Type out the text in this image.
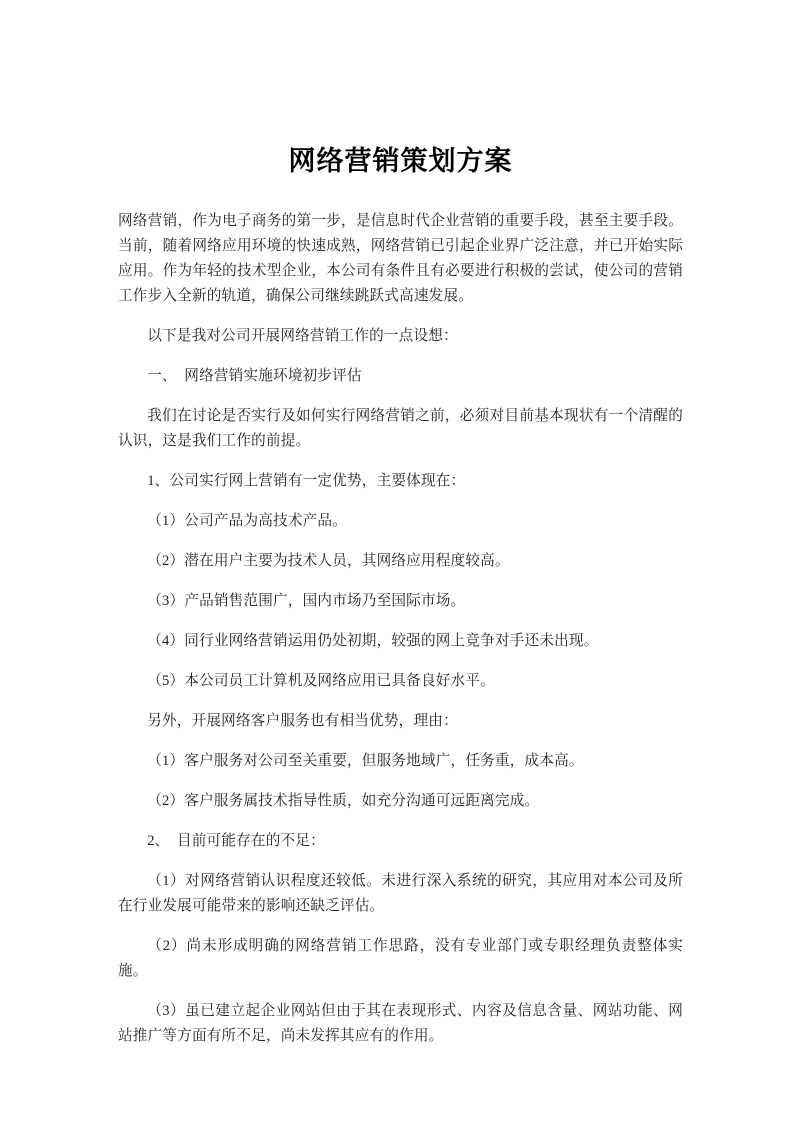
网络营销策划方案

网络营销，作为电子商务的第一步，是信息时代企业营销的重要手段，甚至主要手段。当前，随着网络应用环境的快速成熟，网络营销已引起企业界广泛注意，并已开始实际应用。作为年轻的技术型企业，本公司有条件且有必要进行积极的尝试，使公司的营销工作步入全新的轨道，确保公司继续跳跃式高速发展。

以下是我对公司开展网络营销工作的一点设想：

一、　网络营销实施环境初步评估

我们在讨论是否实行及如何实行网络营销之前，必须对目前基本现状有一个清醒的认识，这是我们工作的前提。

1、公司实行网上营销有一定优势，主要体现在：

（1）公司产品为高技术产品。

（2）潜在用户主要为技术人员，其网络应用程度较高。

（3）产品销售范围广，国内市场乃至国际市场。

（4）同行业网络营销运用仍处初期，较强的网上竞争对手还未出现。

（5）本公司员工计算机及网络应用已具备良好水平。

另外，开展网络客户服务也有相当优势，理由：

（1）客户服务对公司至关重要，但服务地域广，任务重，成本高。

（2）客户服务属技术指导性质，如充分沟通可远距离完成。

2、　目前可能存在的不足：

（1）对网络营销认识程度还较低。未进行深入系统的研究，其应用对本公司及所在行业发展可能带来的影响还缺乏评估。

（2）尚未形成明确的网络营销工作思路，没有专业部门或专职经理负责整体实施。

（3）虽已建立起企业网站但由于其在表现形式、内容及信息含量、网站功能、网站推广等方面有所不足，尚未发挥其应有的作用。
